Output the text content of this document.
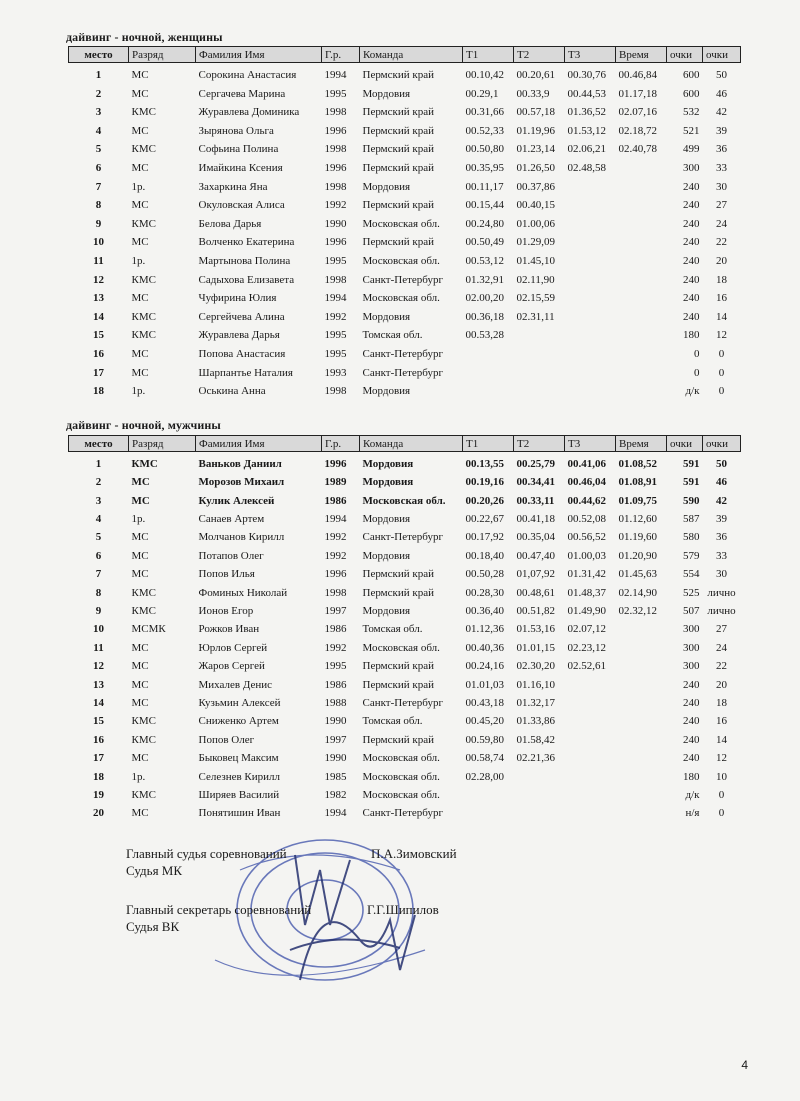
дайвинг - ночной, женщины
место	Разряд	Фамилия Имя	Г.р.	Команда	T1	T2	T3	Время	очки	очки
1	МС	Сорокина Анастасия	1994	Пермский край	00.10,42	00.20,61	00.30,76	00.46,84	600	50
2	МС	Сергачева Марина	1995	Мордовия	00.29,1	00.33,9	00.44,53	01.17,18	600	46
3	КМС	Журавлева Доминика	1998	Пермский край	00.31,66	00.57,18	01.36,52	02.07,16	532	42
4	МС	Зырянова Ольга	1996	Пермский край	00.52,33	01.19,96	01.53,12	02.18,72	521	39
5	КМС	Софьина Полина	1998	Пермский край	00.50,80	01.23,14	02.06,21	02.40,78	499	36
6	МС	Имайкина Ксения	1996	Пермский край	00.35,95	01.26,50	02.48,58		300	33
7	1р.	Захаркина Яна	1998	Мордовия	00.11,17	00.37,86			240	30
8	МС	Окуловская Алиса	1992	Пермский край	00.15,44	00.40,15			240	27
9	КМС	Белова Дарья	1990	Московская обл.	00.24,80	01.00,06			240	24
10	МС	Волченко Екатерина	1996	Пермский край	00.50,49	01.29,09			240	22
11	1р.	Мартынова Полина	1995	Московская обл.	00.53,12	01.45,10			240	20
12	КМС	Садыхова Елизавета	1998	Санкт-Петербург	01.32,91	02.11,90			240	18
13	МС	Чуфирина Юлия	1994	Московская обл.	02.00,20	02.15,59			240	16
14	КМС	Сергейчева Алина	1992	Мордовия	00.36,18	02.31,11			240	14
15	КМС	Журавлева Дарья	1995	Томская обл.	00.53,28				180	12
16	МС	Попова Анастасия	1995	Санкт-Петербург					0	0
17	МС	Шарпантье Наталия	1993	Санкт-Петербург					0	0
18	1р.	Оськина Анна	1998	Мордовия					д/к	0
дайвинг - ночной, мужчины
место	Разряд	Фамилия Имя	Г.р.	Команда	T1	T2	T3	Время	очки	очки
1	КМС	Ваньков Даниил	1996	Мордовия	00.13,55	00.25,79	00.41,06	01.08,52	591	50
2	МС	Морозов Михаил	1989	Мордовия	00.19,16	00.34,41	00.46,04	01.08,91	591	46
3	МС	Кулик Алексей	1986	Московская обл.	00.20,26	00.33,11	00.44,62	01.09,75	590	42
4	1р.	Санаев Артем	1994	Мордовия	00.22,67	00.41,18	00.52,08	01.12,60	587	39
5	МС	Молчанов Кирилл	1992	Санкт-Петербург	00.17,92	00.35,04	00.56,52	01.19,60	580	36
6	МС	Потапов Олег	1992	Мордовия	00.18,40	00.47,40	01.00,03	01.20,90	579	33
7	МС	Попов Илья	1996	Пермский край	00.50,28	01,07,92	01.31,42	01.45,63	554	30
8	КМС	Фоминых Николай	1998	Пермский край	00.28,30	00.48,61	01.48,37	02.14,90	525	лично
9	КМС	Ионов Егор	1997	Мордовия	00.36,40	00.51,82	01.49,90	02.32,12	507	лично
10	МСМК	Рожков Иван	1986	Томская обл.	01.12,36	01.53,16	02.07,12		300	27
11	МС	Юрлов Сергей	1992	Московская обл.	00.40,36	01.01,15	02.23,12		300	24
12	МС	Жаров Сергей	1995	Пермский край	00.24,16	02.30,20	02.52,61		300	22
13	МС	Михалев Денис	1986	Пермский край	01.01,03	01.16,10			240	20
14	МС	Кузьмин Алексей	1988	Санкт-Петербург	00.43,18	01.32,17			240	18
15	КМС	Сниженко Артем	1990	Томская обл.	00.45,20	01.33,86			240	16
16	КМС	Попов Олег	1997	Пермский край	00.59,80	01.58,42			240	14
17	МС	Быковец Максим	1990	Московская обл.	00.58,74	02.21,36			240	12
18	1р.	Селезнев Кирилл	1985	Московская обл.	02.28,00				180	10
19	КМС	Ширяев Василий	1982	Московская обл.					д/к	0
20	МС	Понятишин Иван	1994	Санкт-Петербург					н/я	0
Главный судья соревнований	П.А.Зимовский
Судья МК
Главный секретарь соревнований	Г.Г.Шипилов
Судья ВК
4
